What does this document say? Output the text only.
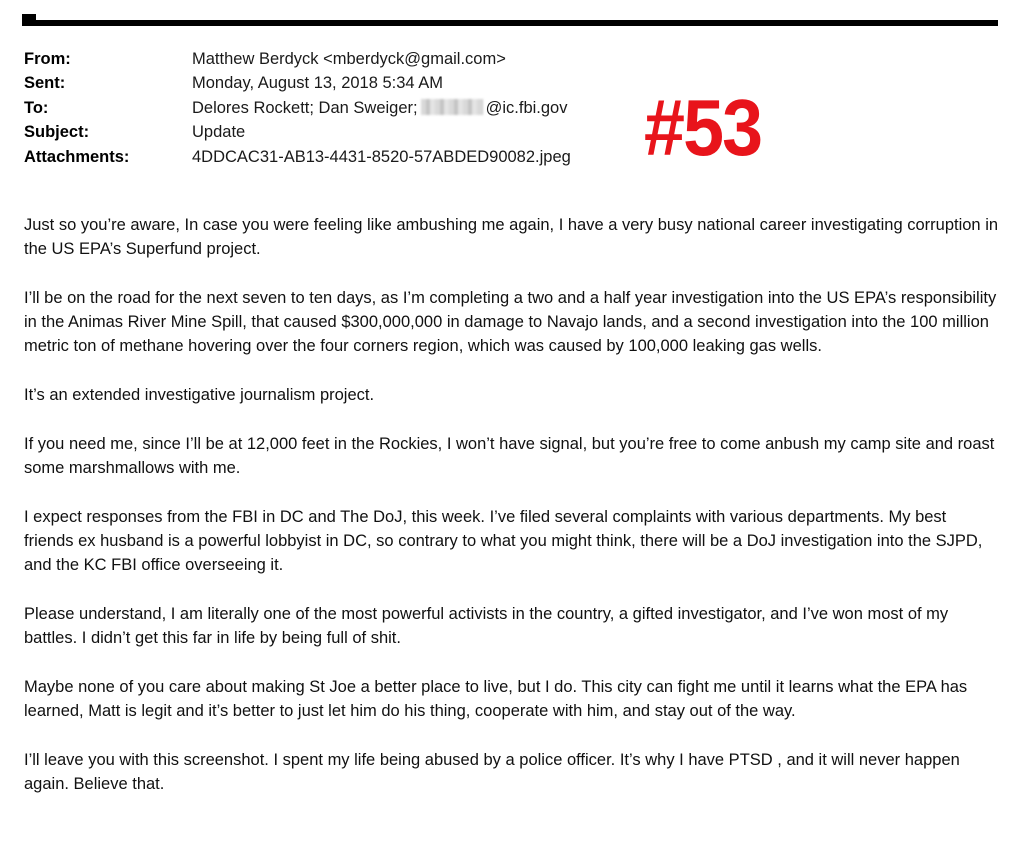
From:	Matthew Berdyck <mberdyck@gmail.com>
Sent:	Monday, August 13, 2018 5:34 AM
To:	Delores Rockett; Dan Sweiger;	@ic.fbi.gov
Subject:	Update
Attachments:	4DDCAC31-AB13-4431-8520-57ABDED90082.jpeg #53

Just so you’re aware, In case you were feeling like ambushing me again, I have a very busy national career investigating corruption in the US EPA’s Superfund project.

I’ll be on the road for the next seven to ten days, as I’m completing a two and a half year investigation into the US EPA’s responsibility in the Animas River Mine Spill, that caused $300,000,000 in damage to Navajo lands, and a second investigation into the 100 million metric ton of methane hovering over the four corners region, which was caused by 100,000 leaking gas wells.

It’s an extended investigative journalism project.

If you need me, since I’ll be at 12,000 feet in the Rockies, I won’t have signal, but you’re free to come anbush my camp site and roast some marshmallows with me.

I expect responses from the FBI in DC and The DoJ, this week. I’ve filed several complaints with various departments. My best friends ex husband is a powerful lobbyist in DC, so contrary to what you might think, there will be a DoJ investigation into the SJPD, and the KC FBI office overseeing it.

Please understand, I am literally one of the most powerful activists in the country, a gifted investigator, and I’ve won most of my battles. I didn’t get this far in life by being full of shit.

Maybe none of you care about making St Joe a better place to live, but I do. This city can fight me until it learns what the EPA has learned, Matt is legit and it’s better to just let him do his thing, cooperate with him, and stay out of the way.

I’ll leave you with this screenshot. I spent my life being abused by a police officer. It’s why I have PTSD , and it will never happen again. Believe that.
